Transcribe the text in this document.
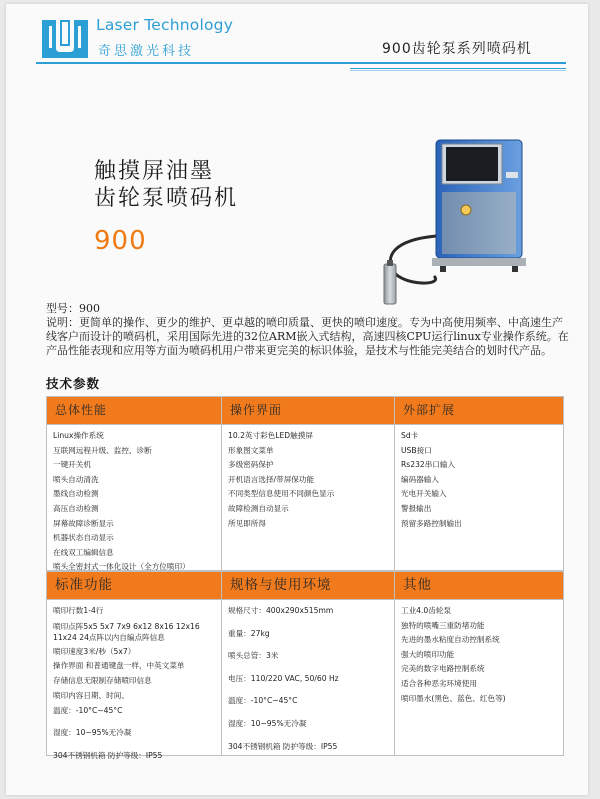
Laser Technology
奇思激光科技	900齿轮泵系列喷码机
触摸屏油墨
齿轮泵喷码机
900

型号：900

说明：更简单的操作、更少的维护、更卓越的喷印质量、更快的喷印速度。专为中高使用频率、中高速生产线客户而设计的喷码机，采用国际先进的32位ARM嵌入式结构，高速四核CPU运行linux专业操作系统。在产品性能表现和应用等方面为喷码机用户带来更完美的标识体验，是技术与性能完美结合的划时代产品。

技术参数
总体性能
Linux操作系统
互联网远程升级、监控、诊断
一键开关机
喷头自动清洗
墨线自动检测
高压自动检测
屏幕故障诊断显示
机器状态自动显示
在线双工编辑信息
喷头全密封式一体化设计（全方位喷印）
操作界面
10.2英寸彩色LED触摸屏
形象图文菜单
多级密码保护
开机语言选择/带屏保功能
不同类型信息使用不同颜色显示
故障检测自动显示
所见即所得
外部扩展
Sd卡
USB接口
Rs232串口输入
编码器输入
光电开关输入
警报输出
预留多路控制输出
标准功能
喷印行数1-4行
喷印点阵5x5 5x7 7x9 6x12 8x16 12x16 11x24 24点阵以内自编点阵信息
喷印速度3米/秒（5x7）
操作界面 和普通键盘一样，中英文菜单
存储信息无限制存储喷印信息
喷印内容日期、时间、
温度：-10°C~45°C
湿度：10~95%无冷凝
304不锈钢机箱 防护等级：IP55
规格与使用环境
规格尺寸：400x290x515mm
重量：27kg
喷头总管：3米
电压：110/220 VAC, 50/60 Hz
温度：-10°C~45°C
湿度：10~95%无冷凝
304不锈钢机箱 防护等级：IP55
其他
工业4.0齿轮泵
独特的喷嘴三重防堵功能
先进的墨水粘度自动控制系统
强大的喷印功能
完美的数字电路控制系统
适合各种恶劣环境使用
喷印墨水(黑色、蓝色、红色等)
